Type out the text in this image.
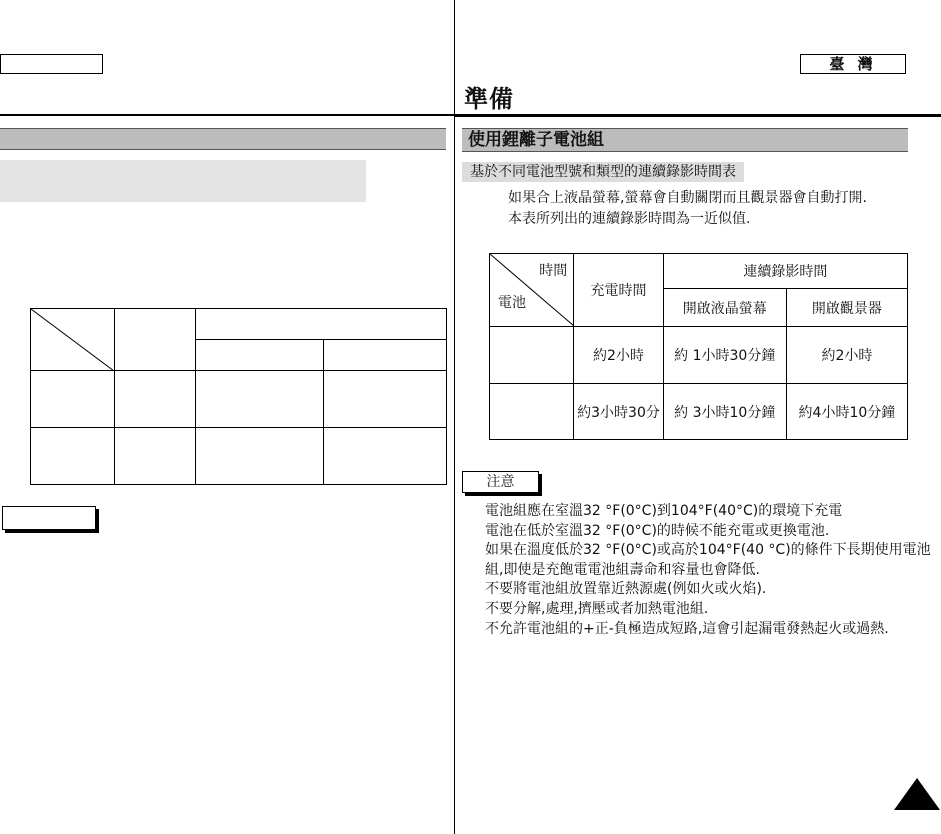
臺 灣
準備
使用鋰離子電池組
基於不同電池型號和類型的連續錄影時間表
如果合上液晶螢幕,螢幕會自動關閉而且觀景器會自動打開.
本表所列出的連續錄影時間為一近似值.
時間
電池	充電時間	連續錄影時間	
		開啟液晶螢幕	開啟觀景器
	約2小時	約 1小時30分鐘	約2小時
	約3小時30分	約 3小時10分鐘	約4小時10分鐘
注意
電池組應在室溫32 °F(0°C)到104°F(40°C)的環境下充電
電池在低於室溫32 °F(0°C)的時候不能充電或更換電池.
如果在溫度低於32 °F(0°C)或高於104°F(40 °C)的條件下長期使用電池
組,即使是充飽電電池組壽命和容量也會降低.
不要將電池組放置靠近熱源處(例如火或火焰).
不要分解,處理,擠壓或者加熱電池組.
不允許電池組的+正-負極造成短路,這會引起漏電發熱起火或過熱.
